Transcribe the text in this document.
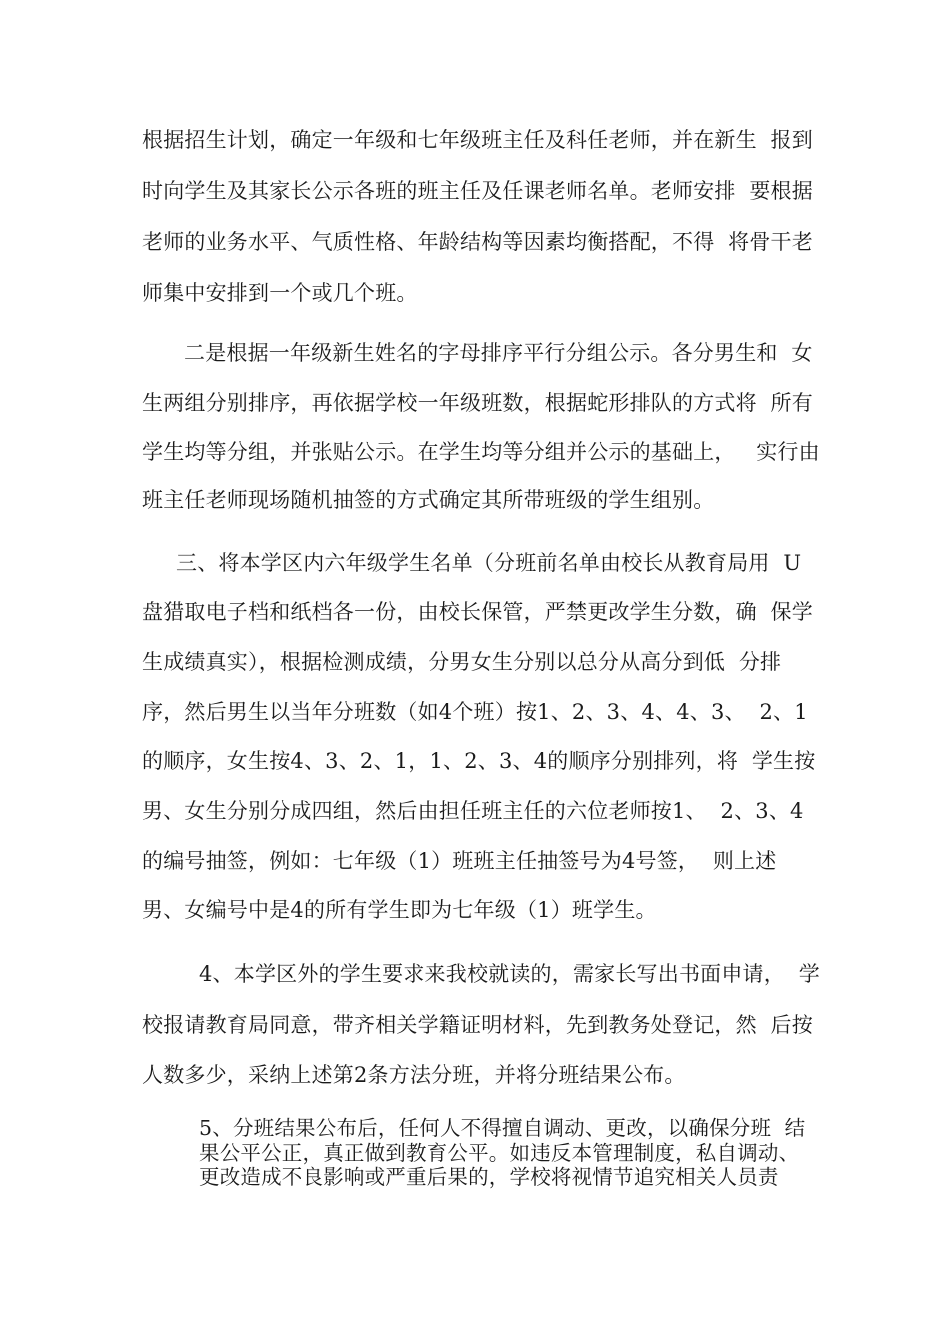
根据招生计划，确定一年级和七年级班主任及科任老师，并在新生  报到
时向学生及其家长公示各班的班主任及任课老师名单。老师安排  要根据
老师的业务水平、气质性格、年龄结构等因素均衡搭配，不得  将骨干老
师集中安排到一个或几个班。
二是根据一年级新生姓名的字母排序平行分组公示。各分男生和  女
生两组分别排序，再依据学校一年级班数，根据蛇形排队的方式将  所有
学生均等分组，并张贴公示。在学生均等分组并公示的基础上，   实行由
班主任老师现场随机抽签的方式确定其所带班级的学生组别。
三、将本学区内六年级学生名单（分班前名单由校长从教育局用  U
盘猎取电子档和纸档各一份，由校长保管，严禁更改学生分数，确  保学
生成绩真实），根据检测成绩，分男女生分别以总分从高分到低  分排
序，然后男生以当年分班数（如4个班）按1、2、3、4、4、3、  2、1
的顺序，女生按4、3、2、1，1、2、3、4的顺序分别排列，将  学生按
男、女生分别分成四组，然后由担任班主任的六位老师按1、  2、3、4
的编号抽签，例如：七年级（1）班班主任抽签号为4号签，  则上述
男、女编号中是4的所有学生即为七年级（1）班学生。
4、本学区外的学生要求来我校就读的，需家长写出书面申请，  学
校报请教育局同意，带齐相关学籍证明材料，先到教务处登记，然  后按
人数多少，采纳上述第2条方法分班，并将分班结果公布。
5、分班结果公布后，任何人不得擅自调动、更改，以确保分班  结
果公平公正，真正做到教育公平。如违反本管理制度，私自调动、
更改造成不良影响或严重后果的，学校将视情节追究相关人员责
